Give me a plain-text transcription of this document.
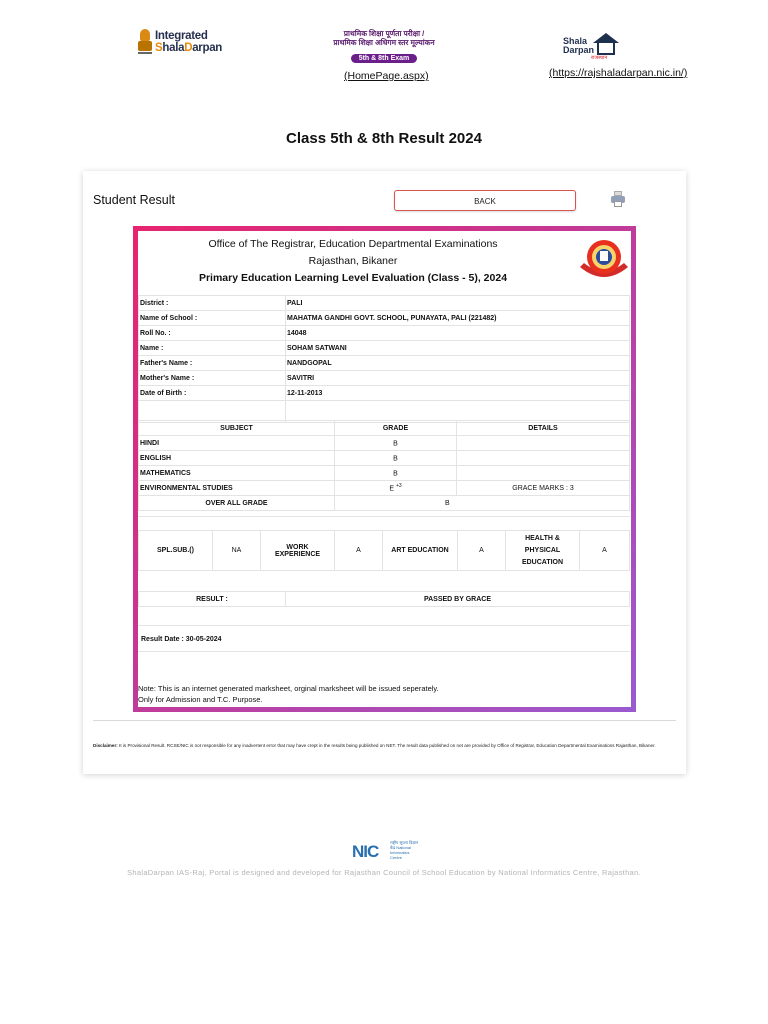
Integrated
ShalaDarpan
प्राथमिक शिक्षा पूर्णता परीक्षा /
प्राथमिक शिक्षा अधिगम स्तर मूल्यांकन
5th & 8th Exam
(HomePage.aspx)
Shala
Darpan
राजस्थान
(https://rajshaladarpan.nic.in/)
Class 5th & 8th Result 2024
Student Result	BACK
Office of The Registrar, Education Departmental Examinations
Rajasthan, Bikaner
Primary Education Learning Level Evaluation (Class - 5), 2024
District :	PALI
Name of School :	MAHATMA GANDHI GOVT. SCHOOL, PUNAYATA, PALI (221482)
Roll No. :	14048
Name :	SOHAM SATWANI
Father's Name :	NANDGOPAL
Mother's Name :	SAVITRI
Date of Birth :	12-11-2013

SUBJECT	GRADE	DETAILS
HINDI	B	
ENGLISH	B	
MATHEMATICS	B	
ENVIRONMENTAL STUDIES	E $^{+3}$	GRACE MARKS : 3
OVER ALL GRADE	B	
SPL.SUB.()	NA	WORK EXPERIENCE	A	ART EDUCATION	A	HEALTH & PHYSICAL EDUCATION	A
RESULT :	PASSED BY GRACE
Result Date : 30-05-2024
Note: This is an internet generated marksheet, orginal marksheet will be issued seperately.
Only for Admission and T.C. Purpose.
Disclaimer: It is Provisional Result. RCSE/NIC is not responsible for any inadvertent error that may have crept in the results being published on NET. The result data published on net are provided by Office of Registrar, Education Departmental Examinations Rajasthan, Bikaner.
NIC	राष्ट्रीय सूचना विज्ञान केंद्र National Informatics Centre
ShalaDarpan IAS-Raj, Portal is designed and developed for Rajasthan Council of School Education by National Informatics Centre, Rajasthan.
